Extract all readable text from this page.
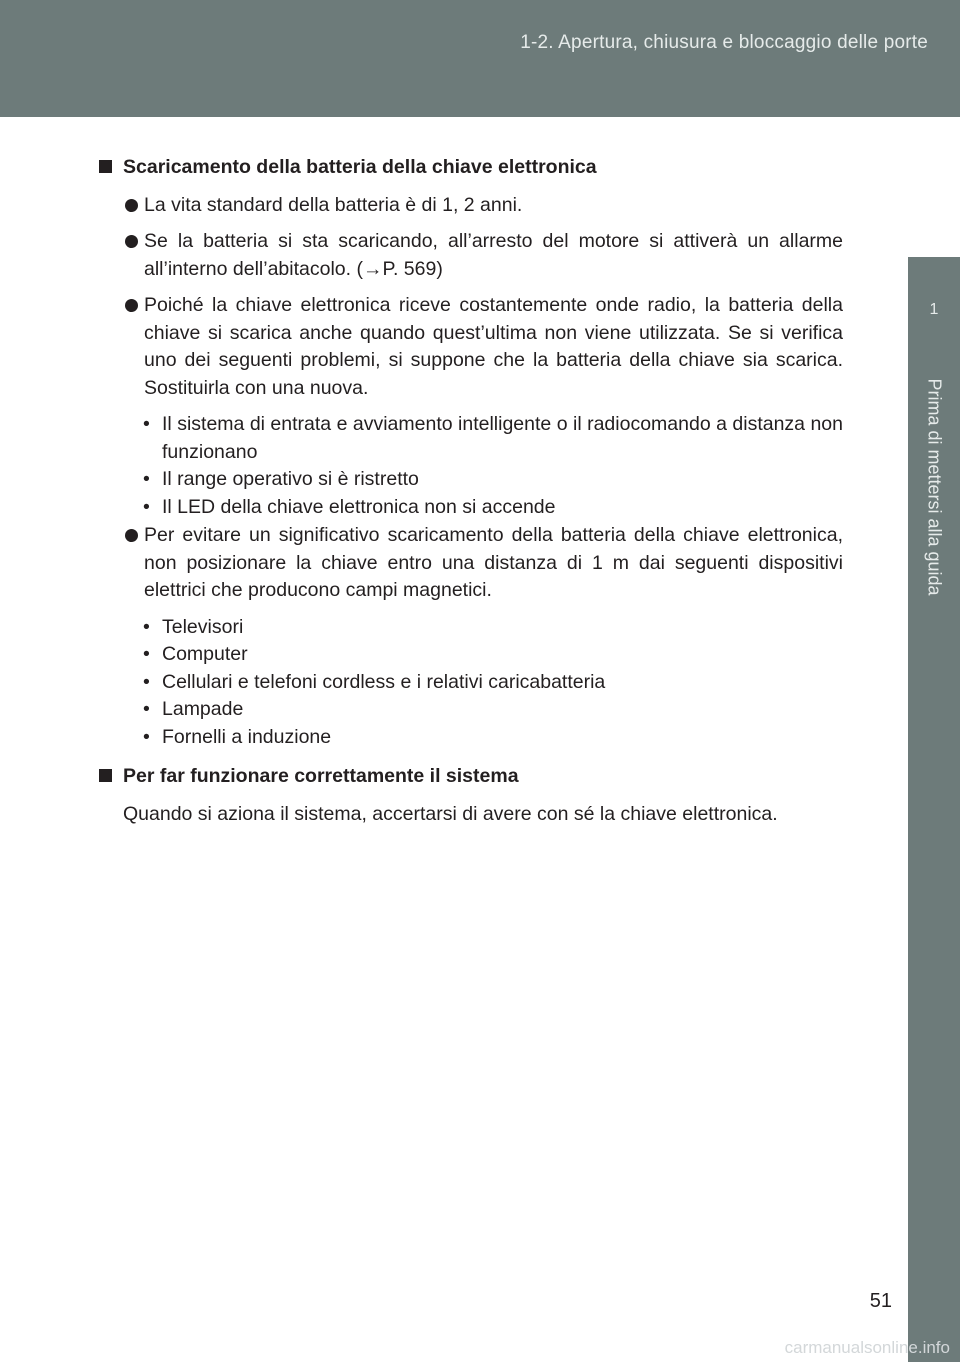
1-2. Apertura, chiusura e bloccaggio delle porte
1
Prima di mettersi alla guida
Scaricamento della batteria della chiave elettronica
La vita standard della batteria è di 1, 2 anni.
Se la batteria si sta scaricando, all’arresto del motore si attiverà un allarme all’interno dell’abitacolo. (→P. 569)
Poiché la chiave elettronica riceve costantemente onde radio, la batteria della chiave si scarica anche quando quest’ultima non viene utilizzata. Se si verifica uno dei seguenti problemi, si suppone che la batteria della chiave sia scarica. Sostituirla con una nuova.
• Il sistema di entrata e avviamento intelligente o il radiocomando a distanza non funzionano
• Il range operativo si è ristretto
• Il LED della chiave elettronica non si accende
Per evitare un significativo scaricamento della batteria della chiave elettronica, non posizionare la chiave entro una distanza di 1 m dai seguenti dispositivi elettrici che producono campi magnetici.
• Televisori
• Computer
• Cellulari e telefoni cordless e i relativi caricabatteria
• Lampade
• Fornelli a induzione
Per far funzionare correttamente il sistema
Quando si aziona il sistema, accertarsi di avere con sé la chiave elettronica.
51
carmanualsonline.info
